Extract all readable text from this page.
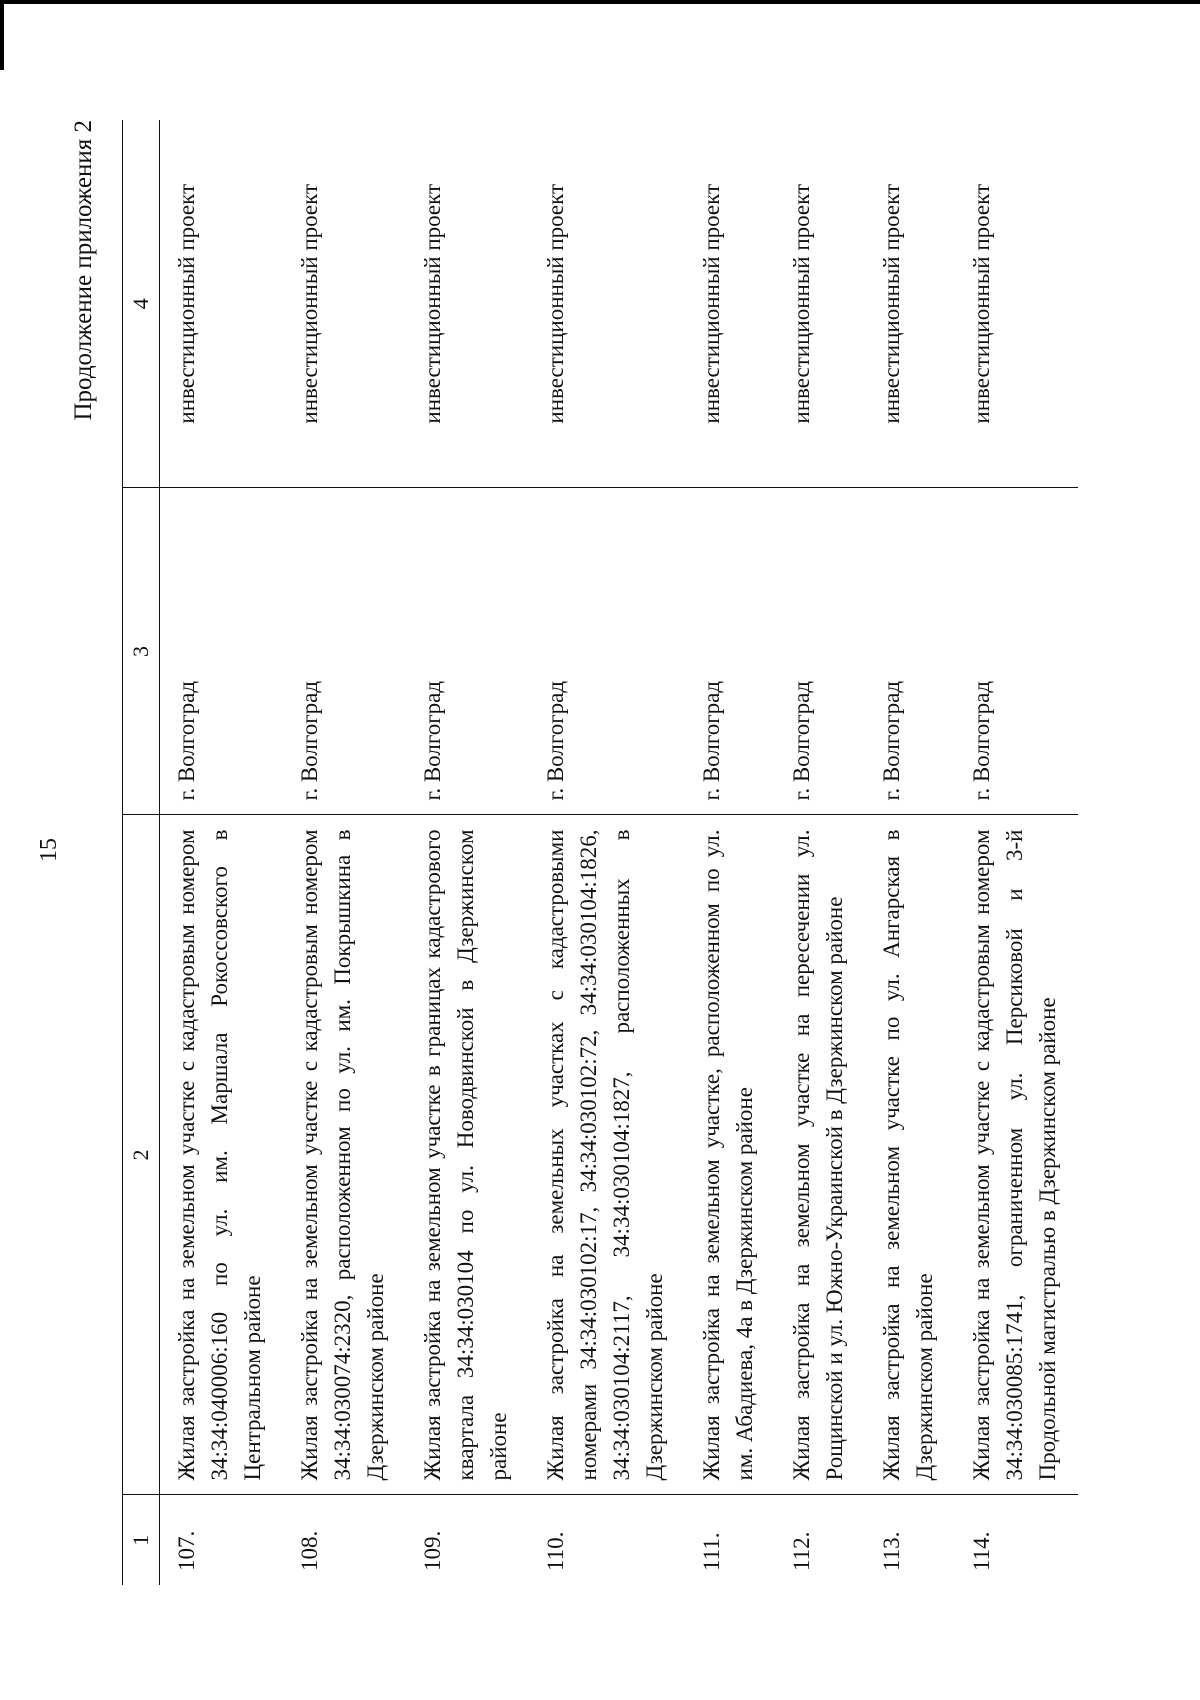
15
Продолжение приложения 2
1	2	3	4
107.	Жилая застройка на земельном участке с кадастровым номером 34:34:040006:160 по ул. им. Маршала Рокоссовского в Центральном районе	г. Волгоград	инвестиционный проект
108.	Жилая застройка на земельном участке с кадастровым номером 34:34:030074:2320, расположенном по ул. им. Покрышкина в Дзержинском районе	г. Волгоград	инвестиционный проект
109.	Жилая застройка на земельном участке в границах кадастрового квартала 34:34:030104 по ул. Новодвинской в Дзержинском районе	г. Волгоград	инвестиционный проект
110.	Жилая застройка на земельных участках с кадастровыми номерами 34:34:030102:17, 34:34:030102:72, 34:34:030104:1826, 34:34:030104:2117, 34:34:030104:1827, расположенных в Дзержинском районе	г. Волгоград	инвестиционный проект
111.	Жилая застройка на земельном участке, расположенном по ул. им. Абадиева, 4а в Дзержинском районе	г. Волгоград	инвестиционный проект
112.	Жилая застройка на земельном участке на пересечении ул. Рощинской и ул. Южно-Украинской в Дзержинском районе	г. Волгоград	инвестиционный проект
113.	Жилая застройка на земельном участке по ул. Ангарская в Дзержинском районе	г. Волгоград	инвестиционный проект
114.	Жилая застройка на земельном участке с кадастровым номером 34:34:030085:1741, ограниченном ул. Персиковой и 3-й Продольной магистралью в Дзержинском районе	г. Волгоград	инвестиционный проект
